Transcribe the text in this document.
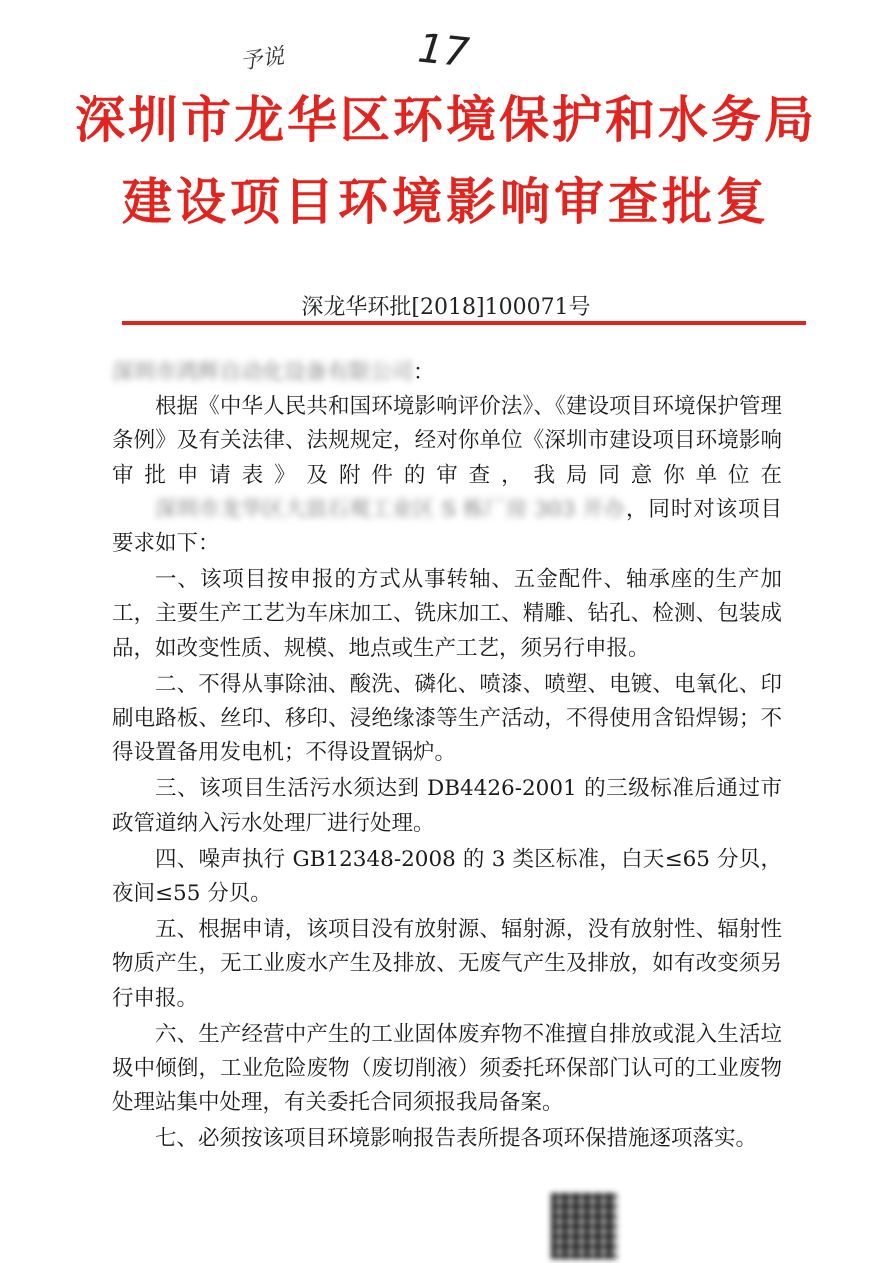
予说	17
深圳市龙华区环境保护和水务局
建设项目环境影响审查批复
深龙华环批[2018]100071号

深圳市鸿辉自动化设备有限公司：

根据《中华人民共和国环境影响评价法》、《建设项目环境保护管理条例》及有关法律、法规规定，经对你单位《深圳市建设项目环境影响审批申请表》及附件的审查，我局同意你单位在深圳市龙华区大浪石观工业区 S 栋厂房 303 开办，同时对该项目要求如下：

一、该项目按申报的方式从事转轴、五金配件、轴承座的生产加工，主要生产工艺为车床加工、铣床加工、精雕、钻孔、检测、包装成品，如改变性质、规模、地点或生产工艺，须另行申报。

二、不得从事除油、酸洗、磷化、喷漆、喷塑、电镀、电氧化、印刷电路板、丝印、移印、浸绝缘漆等生产活动，不得使用含铅焊锡；不得设置备用发电机；不得设置锅炉。

三、该项目生活污水须达到 DB4426-2001 的三级标准后通过市政管道纳入污水处理厂进行处理。

四、噪声执行 GB12348-2008 的 3 类区标准，白天≤65 分贝，夜间≤55 分贝。

五、根据申请，该项目没有放射源、辐射源，没有放射性、辐射性物质产生，无工业废水产生及排放、无废气产生及排放，如有改变须另行申报。

六、生产经营中产生的工业固体废弃物不准擅自排放或混入生活垃圾中倾倒，工业危险废物（废切削液）须委托环保部门认可的工业废物处理站集中处理，有关委托合同须报我局备案。

七、必须按该项目环境影响报告表所提各项环保措施逐项落实。
